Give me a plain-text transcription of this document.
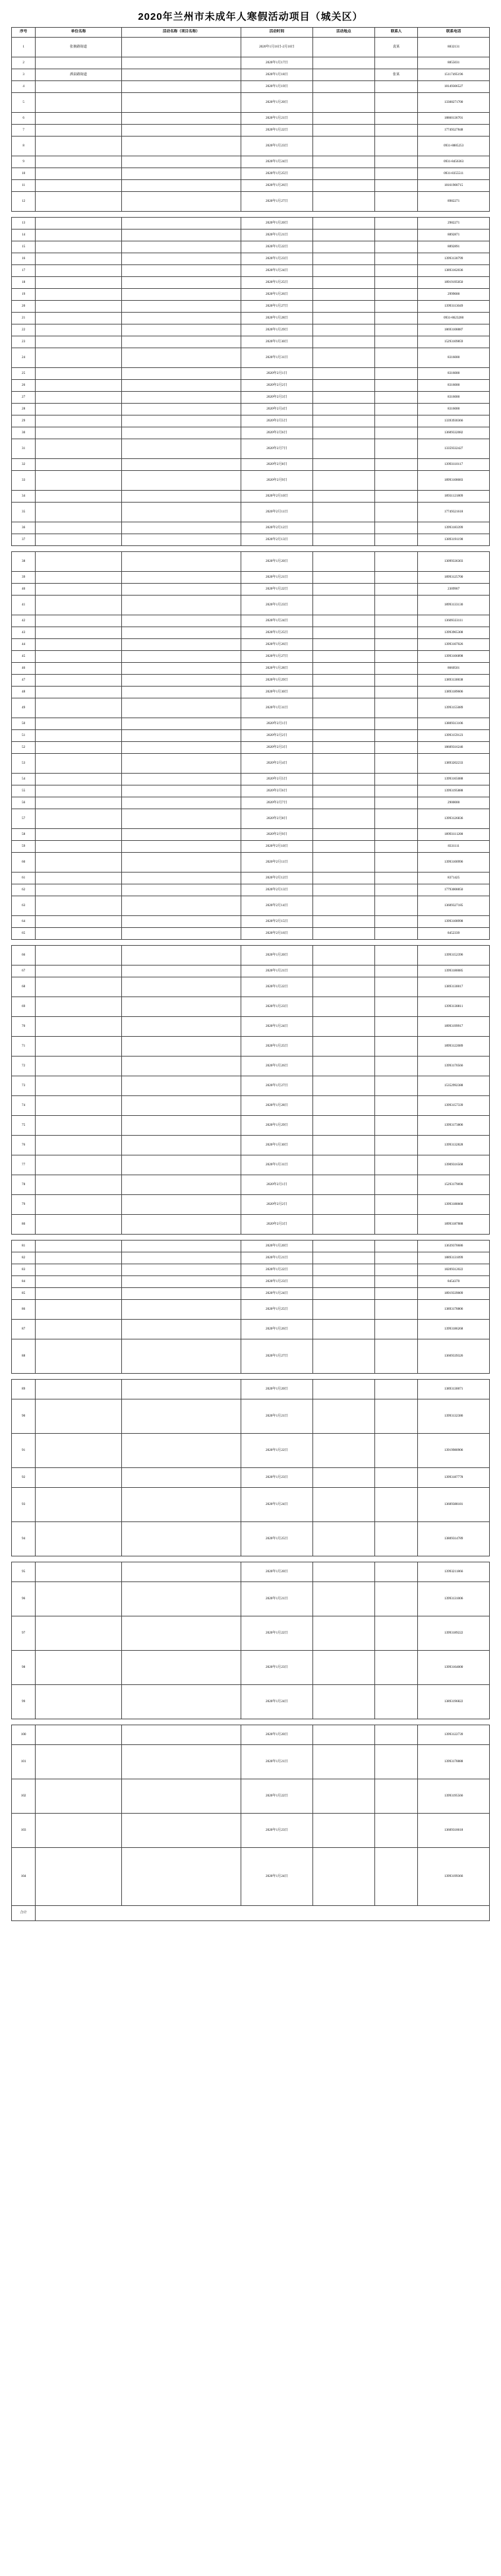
2020年兰州市未成年人寒假活动项目（城关区）
序号	单位名称	活动名称（项目名称）	活动时间	活动地点	联系人	联系电话
1	张掖路街道		2020年1月16日-2月10日		袁某	8832131
2			2020年1月17日			8855031
3	酒泉路街道		2020年1月18日		张某	15117495196
4			2020年1月19日			18149306527
5			2020年1月20日			13308271700
6			2020年1月21日			18860136701
7			2020年1月22日			17749327848
8			2020年1月23日			0931-8885253
9			2020年1月24日			0931-8456363
10			2020年1月25日			0931-8355511
11			2020年1月26日			18161900715
12			2020年1月27日			8982271

13			2020年1月20日			2982271
14			2020年1月21日			8892871
15			2020年1月22日			8892891
16			2020年1月23日			13993130799
17			2020年1月24日			13893162036
18			2020年1月25日			18919195050
19			2020年1月26日			2999000
20			2020年1月27日			13993113049
21			2020年1月28日			0931-8623200
22			2020年1月29日			18693108887
23			2020年1月30日			15293109859
24			2020年1月31日			8316000
25			2020年2月1日			8316000
26			2020年2月2日			8316000
27			2020年2月3日			8316000
28			2020年2月4日			8316000
29			2020年2月5日			13393930366
30			2020年2月6日			13609332082
31			2020年2月7日			13359332427
32			2020年2月8日			13993110117
33			2020年2月9日			18993108083
34			2020年2月10日			18931121809
35			2020年2月11日			17749321618
36			2020年2月12日			13993183399
37			2020年2月13日			13893191198

38			2020年1月20日			13099336303
39			2020年1月21日			18993125700
40			2020年1月22日			2309907
41			2020年1月23日			18993133130
42			2020年1月24日			13609333111
43			2020年1月25日			13993965308
44			2020年1月26日			13993107026
45			2020年1月27日			13993106898
46			2020年1月28日			8660501
47			2020年1月29日			13893130038
48			2020年1月30日			13893189606
49			2020年1月31日			13993155089
50			2020年2月1日			13809313106
51			2020年2月2日			13993159123
52			2020年2月3日			18609316246
53			2020年2月4日			13893202233
54			2020年2月5日			13993165088
55			2020年2月6日			13993195888
56			2020年2月7日			2900000
57			2020年2月8日			13993126836
58			2020年2月9日			18993111208
59			2020年2月10日			8331111
60			2020年2月11日			13993100996
61			2020年2月12日			8371425
62			2020年2月13日			17793008850
63			2020年2月14日			13609327185
64			2020年2月15日			13993108998
65			2020年2月16日			8452339

66			2020年1月20日			13993152396
67			2020年1月21日			13993180085
68			2020年1月22日			13893130017
69			2020年1月23日			13993138811
70			2020年1月24日			18993199917
71			2020年1月25日			18993122089
72			2020年1月26日			13993170566
73			2020年1月27日			15352992388
74			2020年1月28日			13993157339
75			2020年1月29日			13993173806
76			2020年1月30日			13993132828
77			2020年1月31日			13909316568
78			2020年2月1日			15293179690
79			2020年2月2日			13993180668
80			2020年2月3日			18993187888

81			2020年1月20日			13639370686
82			2020年1月21日			18893131099
83			2020年1月22日			18209312022
84			2020年1月23日			8454370
85			2020年1月24日			18919339009
86			2020年1月25日			13893178806
87			2020年1月26日			13993186268
88			2020年1月27日			13669339326

89			2020年1月20日			13893130071
90			2020年1月21日			13993132386
91			2020年1月22日			13919980906
92			2020年1月23日			13993187778
93			2020年1月24日			13609388181
94			2020年1月25日			13809314789

95			2020年1月20日			13993211866
96			2020年1月21日			13993131006
97			2020年1月22日			13993189222
98			2020年1月23日			13993164000
99			2020年1月24日			13893196822

100			2020年1月20日			13993122739
101			2020年1月21日			13993178888
102			2020年1月22日			13993195566
103			2020年1月23日			13609318618
104			2020年1月24日			13993199366
合计						
